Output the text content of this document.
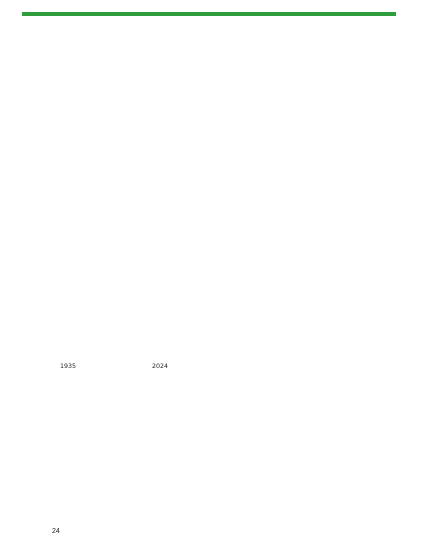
2024
1935
24
